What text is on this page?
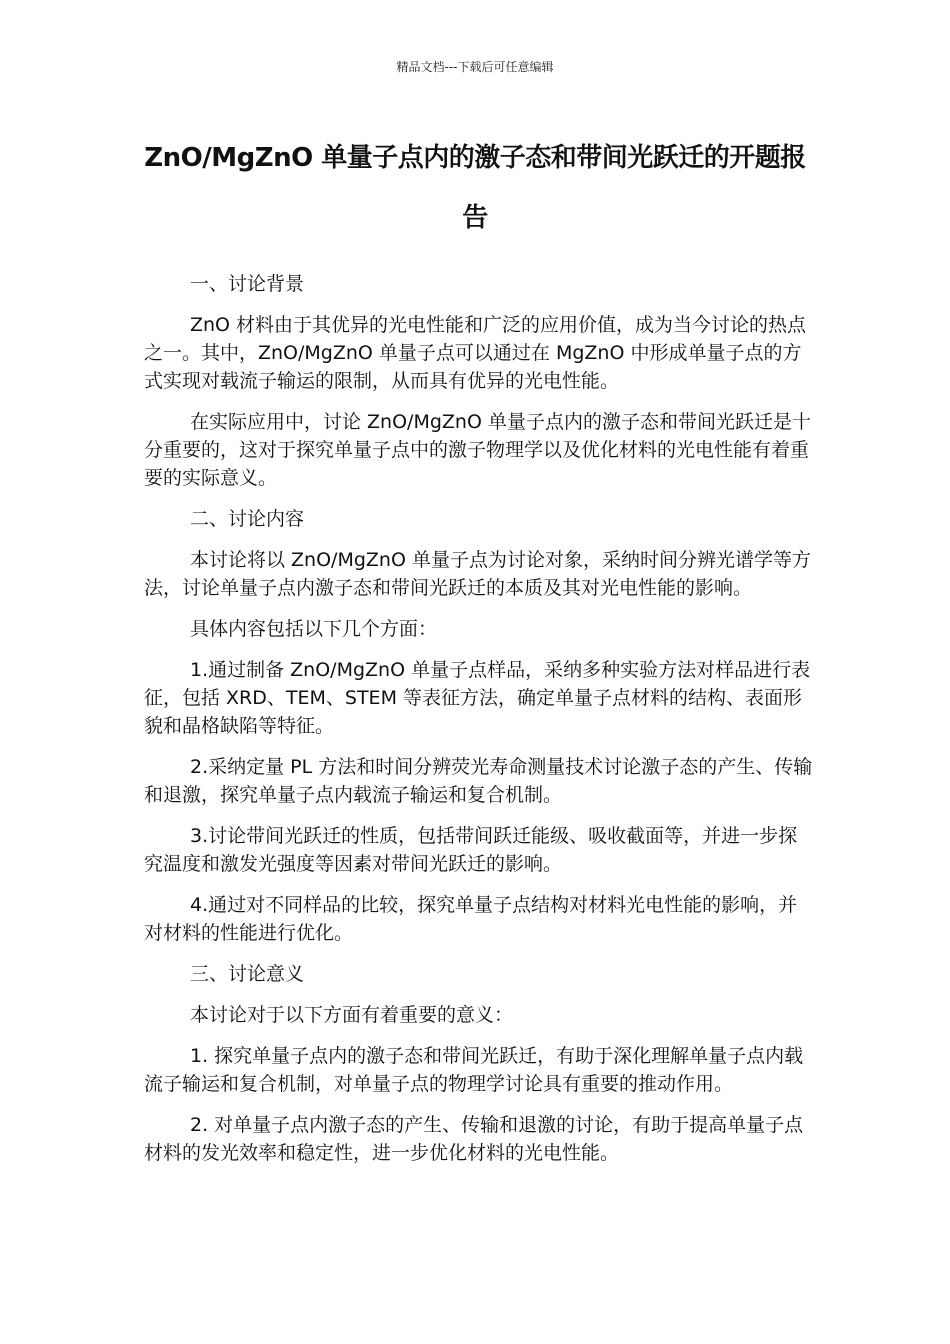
精品文档---下载后可任意编辑
ZnO/MgZnO 单量子点内的激子态和带间光跃迁的开题报告

一、讨论背景

ZnO 材料由于其优异的光电性能和广泛的应用价值，成为当今讨论的热点之一。其中，ZnO/MgZnO 单量子点可以通过在 MgZnO 中形成单量子点的方式实现对载流子输运的限制，从而具有优异的光电性能。

在实际应用中，讨论 ZnO/MgZnO 单量子点内的激子态和带间光跃迁是十分重要的，这对于探究单量子点中的激子物理学以及优化材料的光电性能有着重要的实际意义。

二、讨论内容

本讨论将以 ZnO/MgZnO 单量子点为讨论对象，采纳时间分辨光谱学等方法，讨论单量子点内激子态和带间光跃迁的本质及其对光电性能的影响。

具体内容包括以下几个方面：

1.通过制备 ZnO/MgZnO 单量子点样品，采纳多种实验方法对样品进行表征，包括 XRD、TEM、STEM 等表征方法，确定单量子点材料的结构、表面形貌和晶格缺陷等特征。

2.采纳定量 PL 方法和时间分辨荧光寿命测量技术讨论激子态的产生、传输和退激，探究单量子点内载流子输运和复合机制。

3.讨论带间光跃迁的性质，包括带间跃迁能级、吸收截面等，并进一步探究温度和激发光强度等因素对带间光跃迁的影响。

4.通过对不同样品的比较，探究单量子点结构对材料光电性能的影响，并对材料的性能进行优化。

三、讨论意义

本讨论对于以下方面有着重要的意义：

1. 探究单量子点内的激子态和带间光跃迁，有助于深化理解单量子点内载流子输运和复合机制，对单量子点的物理学讨论具有重要的推动作用。

2. 对单量子点内激子态的产生、传输和退激的讨论，有助于提高单量子点材料的发光效率和稳定性，进一步优化材料的光电性能。
